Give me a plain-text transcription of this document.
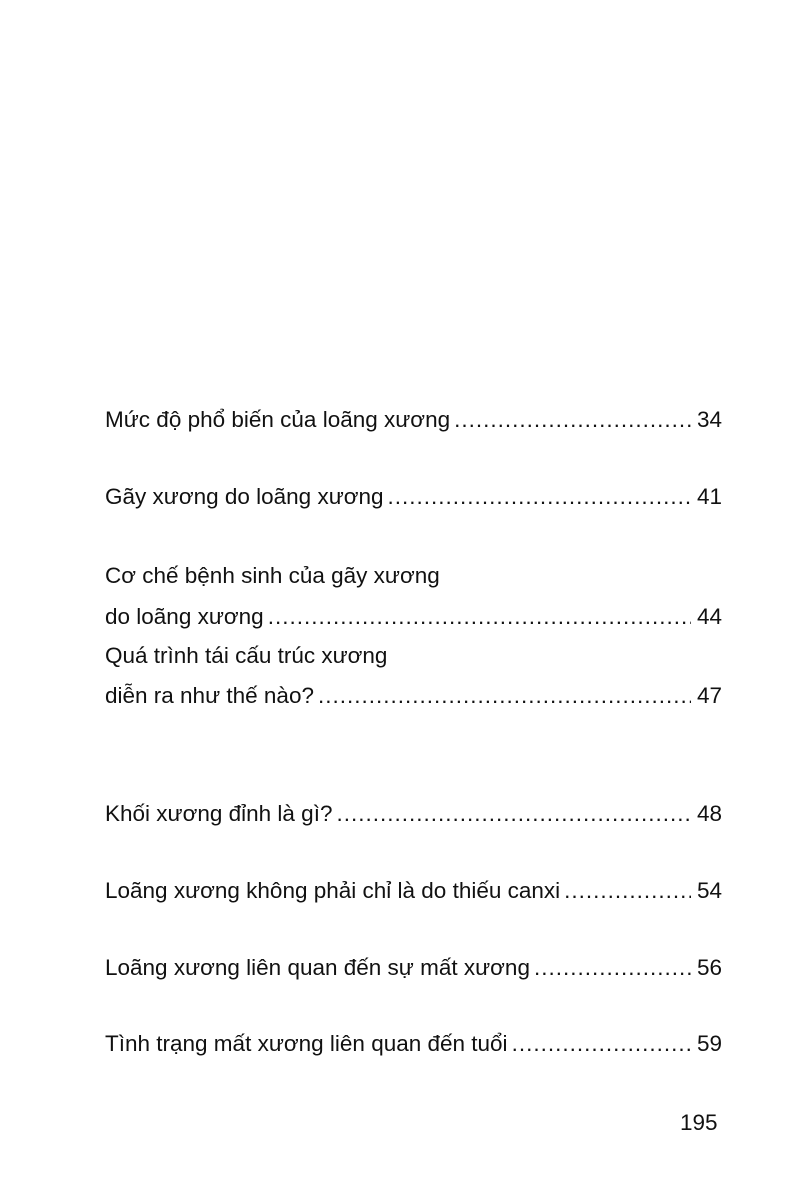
Mức độ phổ biến của loãng xương .....	34
Gãy xương do loãng xương .....	41
Cơ chế bệnh sinh của gãy xương
do loãng xương .....	44
Quá trình tái cấu trúc xương
diễn ra như thế nào? .....	47
Khối xương đỉnh là gì? .....	48
Loãng xương không phải chỉ là do thiếu canxi .....	54
Loãng xương liên quan đến sự mất xương .....	56
Tình trạng mất xương liên quan đến tuổi .....	59
195
